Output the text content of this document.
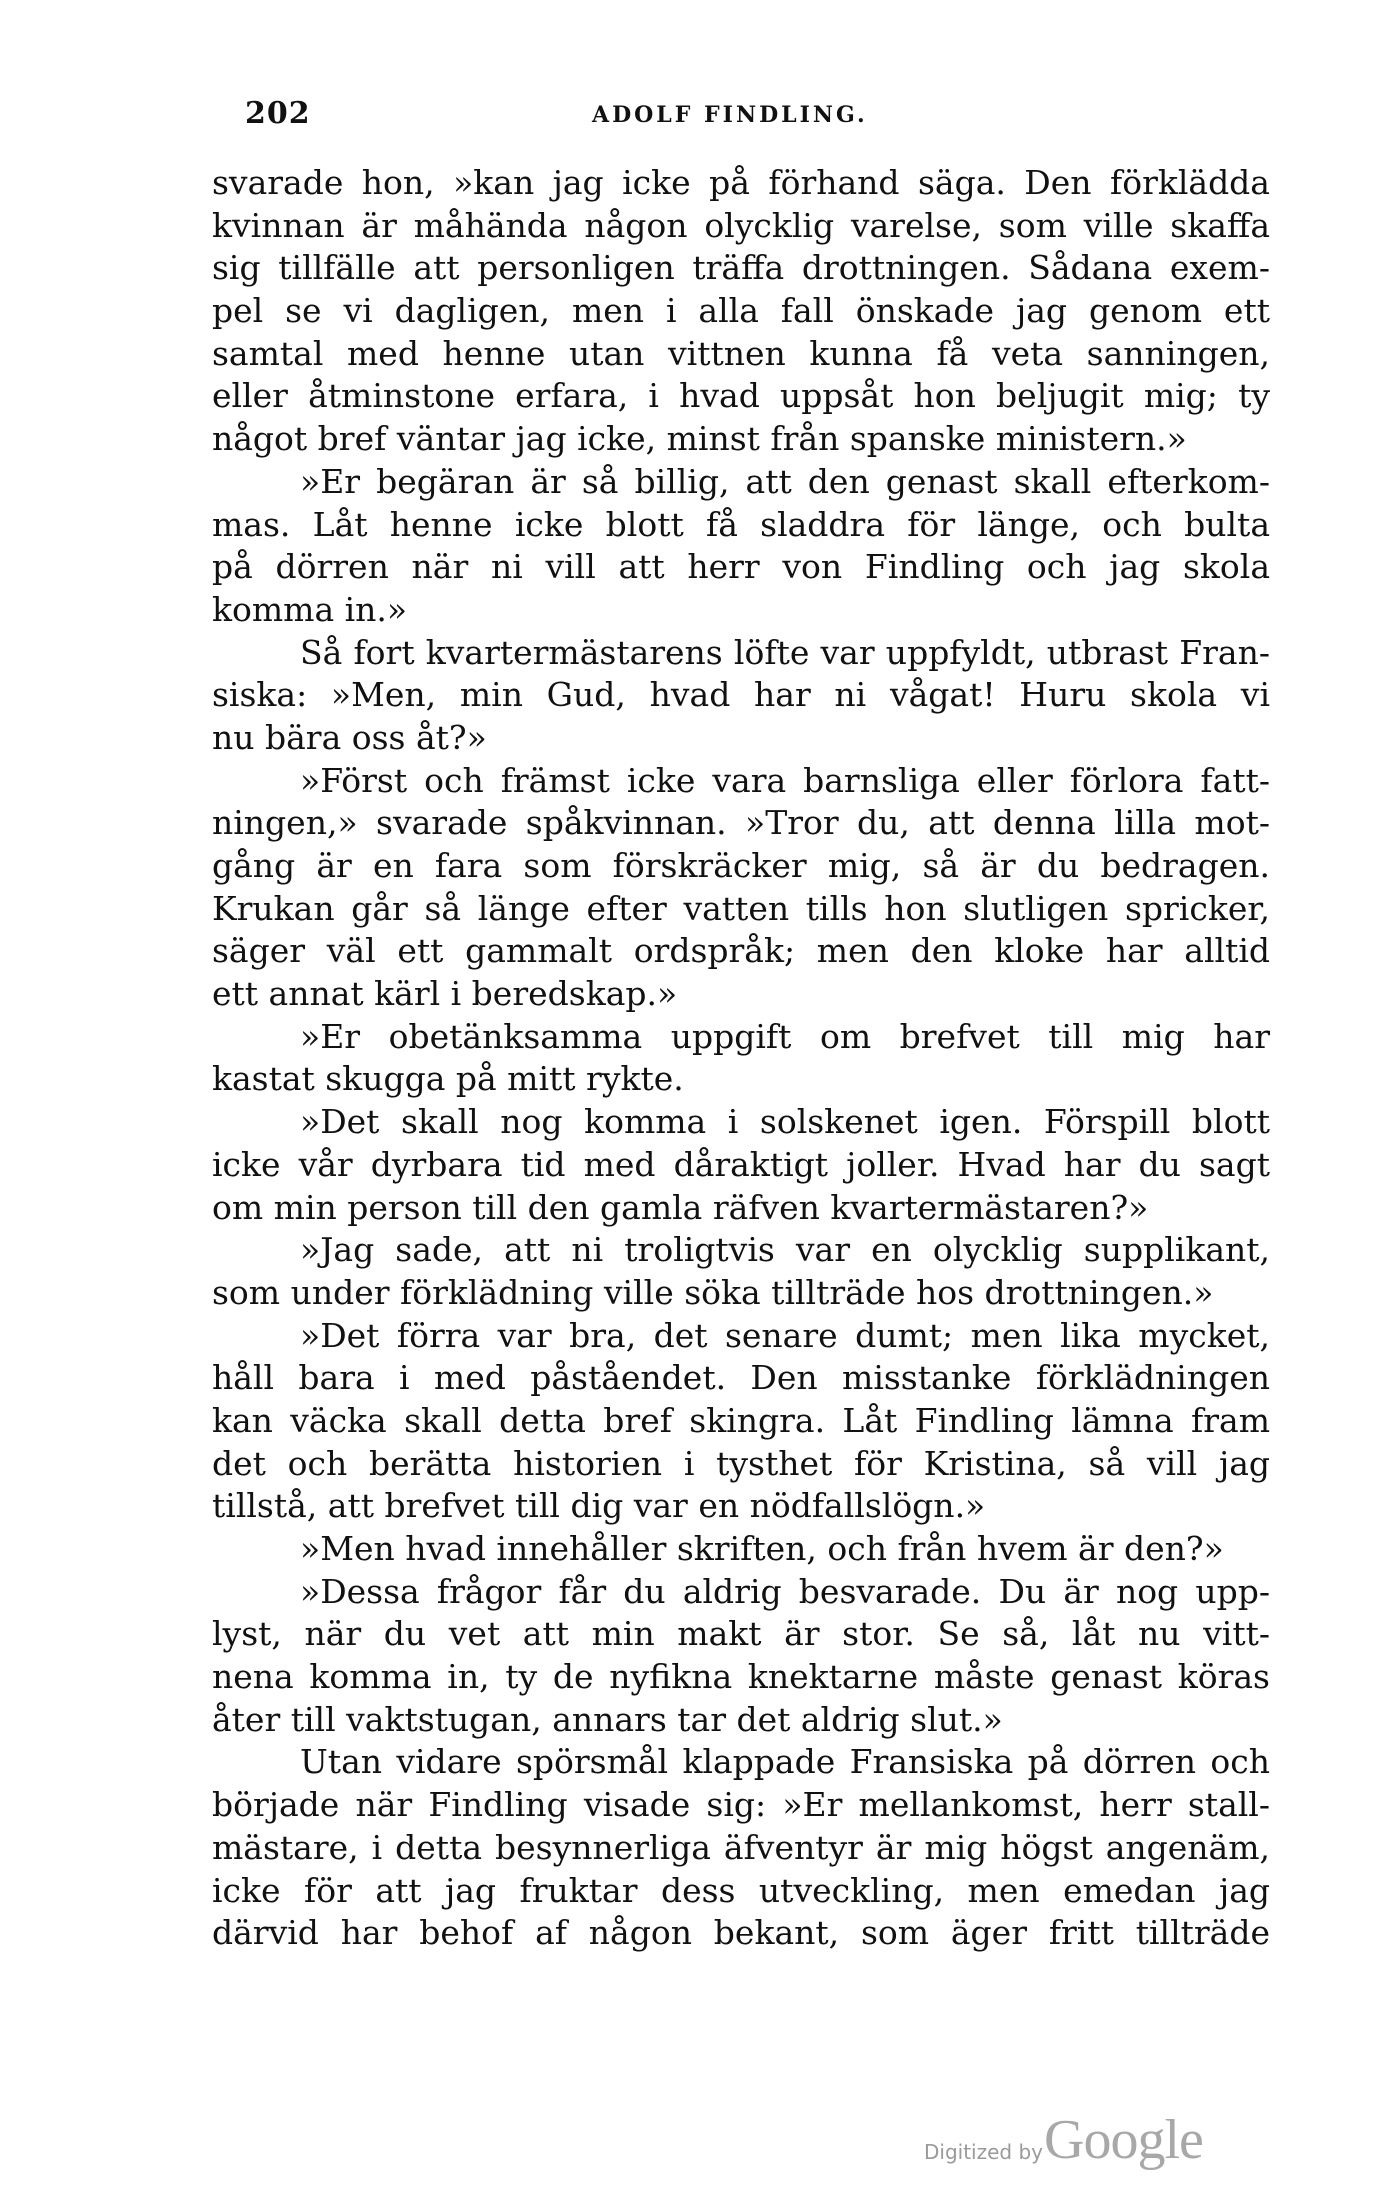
202	ADOLF FINDLING.
svarade hon, »kan jag icke på förhand säga. Den förklädda
kvinnan är måhända någon olycklig varelse, som ville skaffa
sig tillfälle att personligen träffa drottningen. Sådana exem-
pel se vi dagligen, men i alla fall önskade jag genom ett
samtal med henne utan vittnen kunna få veta sanningen,
eller åtminstone erfara, i hvad uppsåt hon beljugit mig; ty
något bref väntar jag icke, minst från spanske ministern.»
»Er begäran är så billig, att den genast skall efterkom-
mas. Låt henne icke blott få sladdra för länge, och bulta
på dörren när ni vill att herr von Findling och jag skola
komma in.»
Så fort kvartermästarens löfte var uppfyldt, utbrast Fran-
siska: »Men, min Gud, hvad har ni vågat! Huru skola vi
nu bära oss åt?»
»Först och främst icke vara barnsliga eller förlora fatt-
ningen,» svarade spåkvinnan. »Tror du, att denna lilla mot-
gång är en fara som förskräcker mig, så är du bedragen.
Krukan går så länge efter vatten tills hon slutligen spricker,
säger väl ett gammalt ordspråk; men den kloke har alltid
ett annat kärl i beredskap.»
»Er obetänksamma uppgift om brefvet till mig har
kastat skugga på mitt rykte.
»Det skall nog komma i solskenet igen. Förspill blott
icke vår dyrbara tid med dåraktigt joller. Hvad har du sagt
om min person till den gamla räfven kvartermästaren?»
»Jag sade, att ni troligtvis var en olycklig supplikant,
som under förklädning ville söka tillträde hos drottningen.»
»Det förra var bra, det senare dumt; men lika mycket,
håll bara i med påståendet. Den misstanke förklädningen
kan väcka skall detta bref skingra. Låt Findling lämna fram
det och berätta historien i tysthet för Kristina, så vill jag
tillstå, att brefvet till dig var en nödfallslögn.»
»Men hvad innehåller skriften, och från hvem är den?»
»Dessa frågor får du aldrig besvarade. Du är nog upp-
lyst, när du vet att min makt är stor. Se så, låt nu vitt-
nena komma in, ty de nyfikna knektarne måste genast köras
åter till vaktstugan, annars tar det aldrig slut.»
Utan vidare spörsmål klappade Fransiska på dörren och
började när Findling visade sig: »Er mellankomst, herr stall-
mästare, i detta besynnerliga äfventyr är mig högst angenäm,
icke för att jag fruktar dess utveckling, men emedan jag
därvid har behof af någon bekant, som äger fritt tillträde
Digitized by Google
